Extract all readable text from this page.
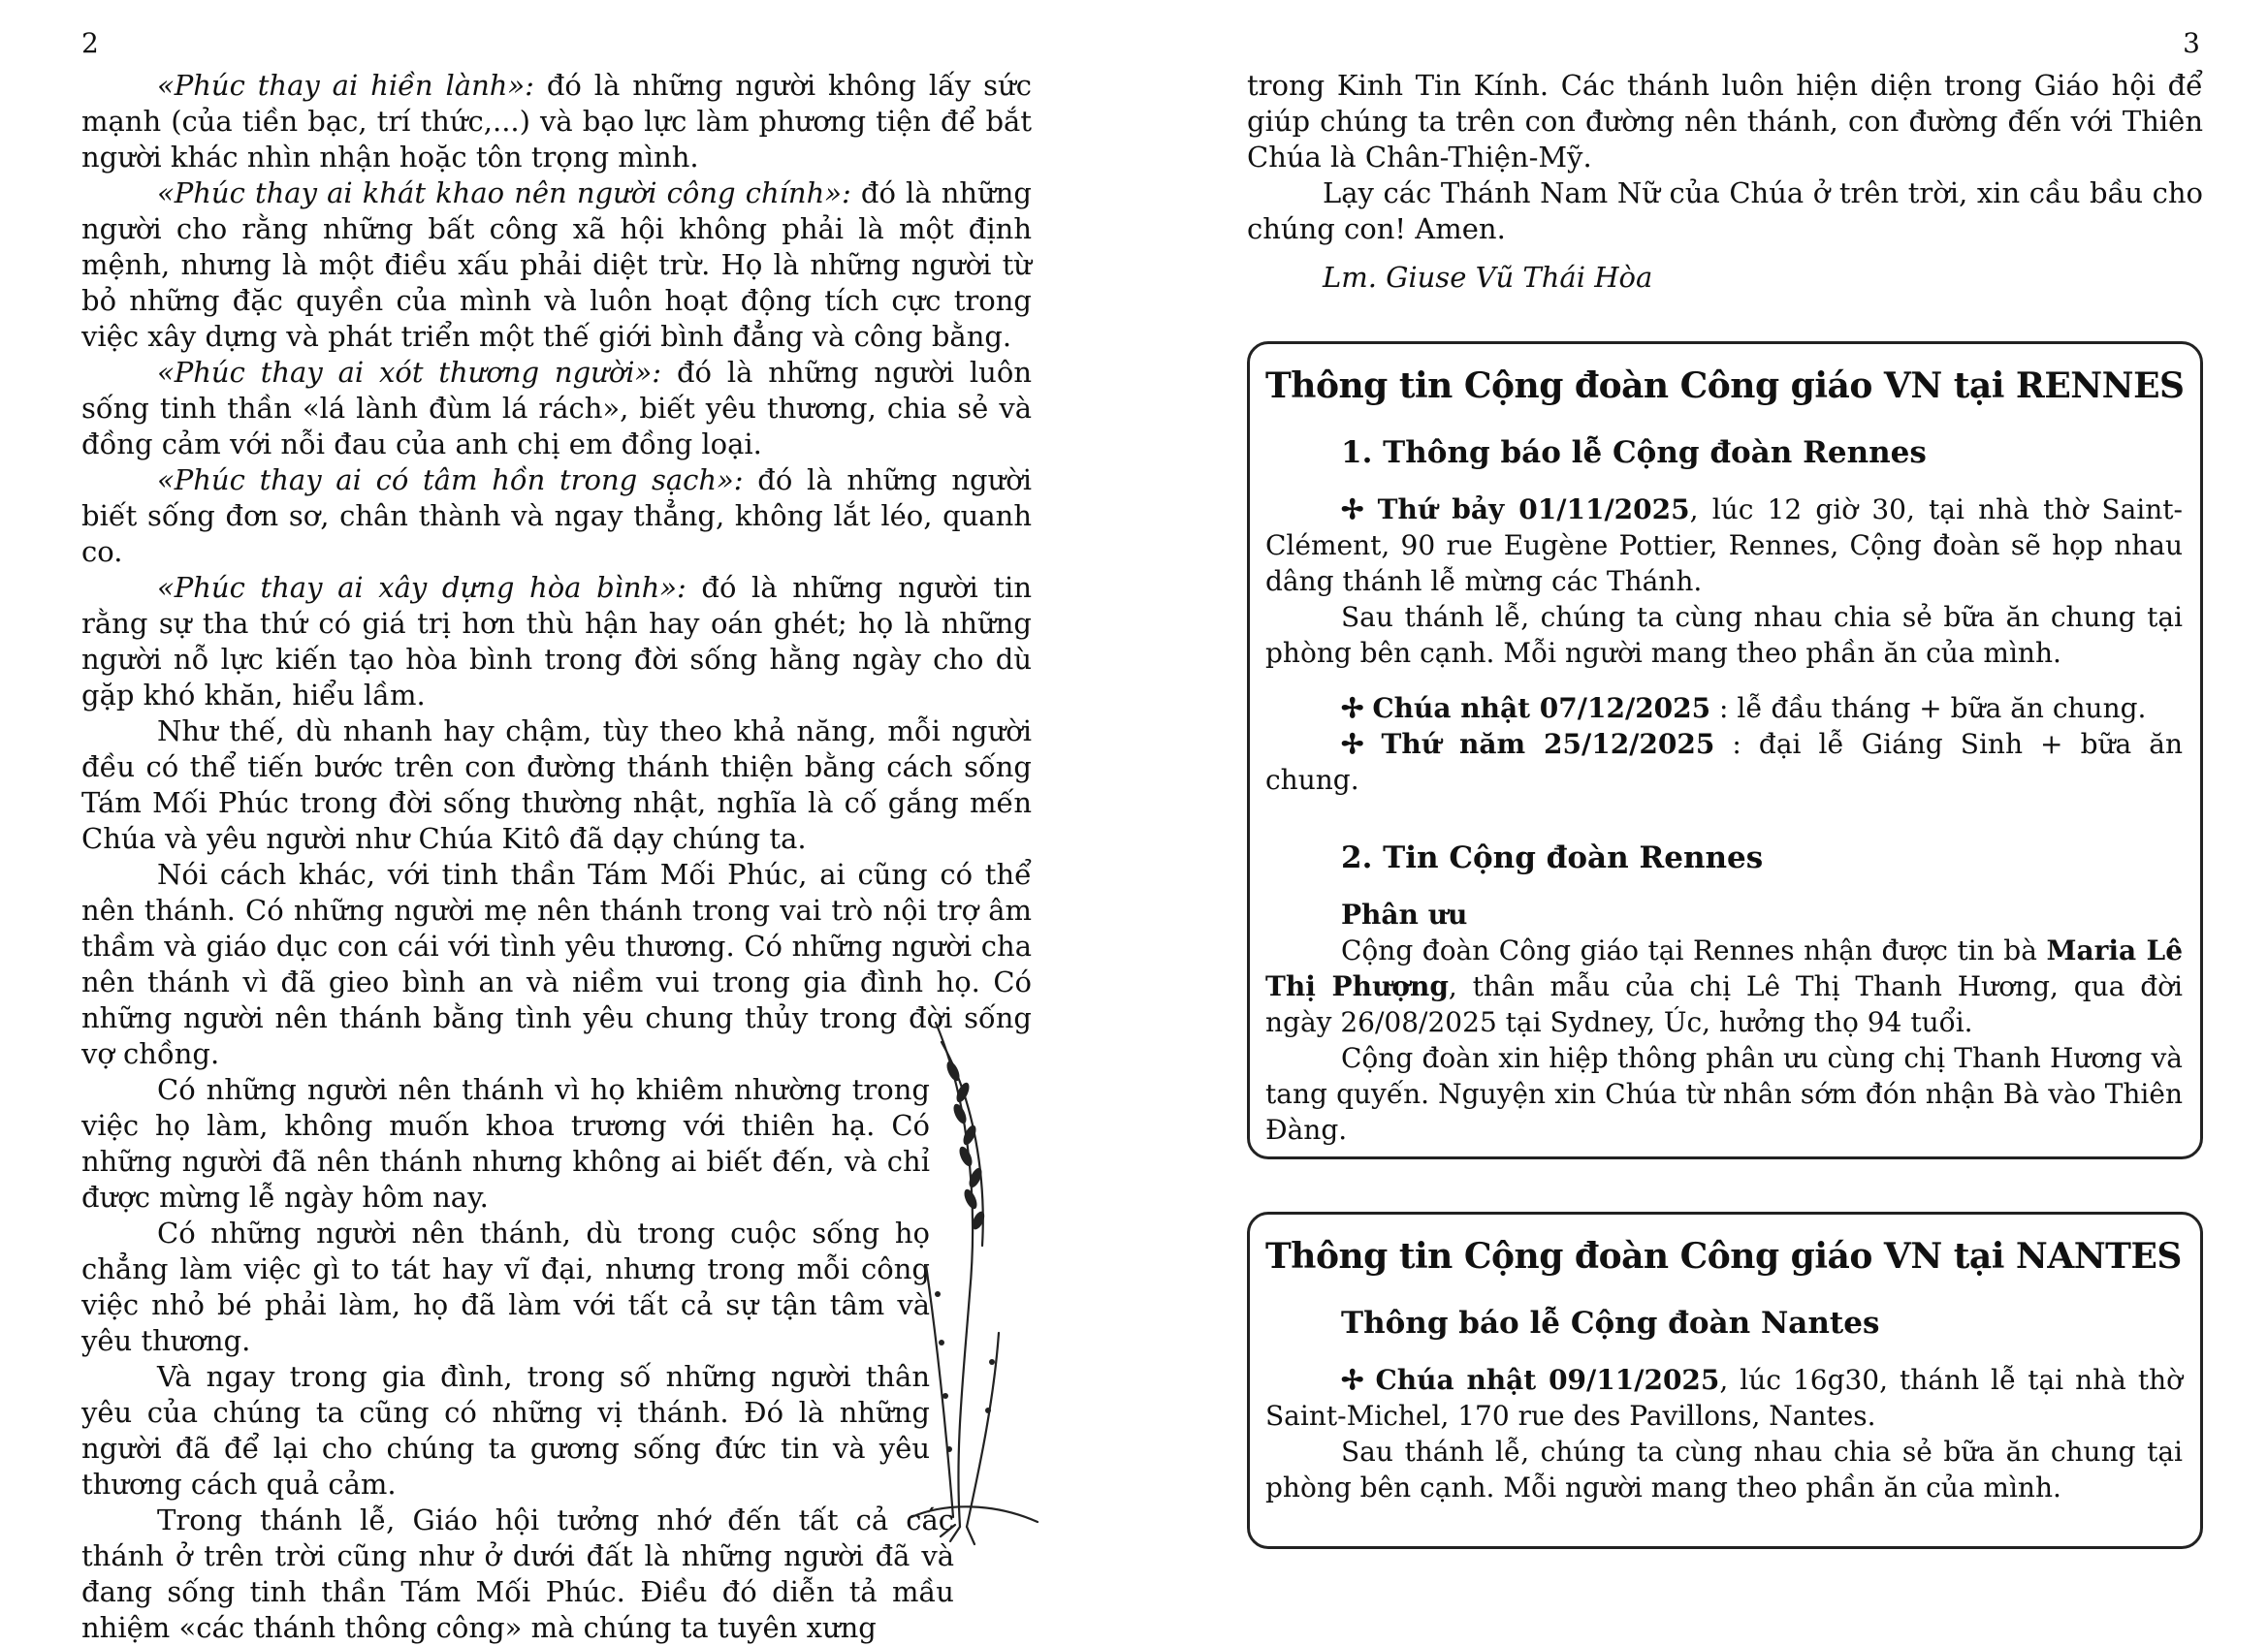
2

«Phúc thay ai hiền lành»: đó là những người không lấy sức mạnh (của tiền bạc, trí thức,...) và bạo lực làm phương tiện để bắt người khác nhìn nhận hoặc tôn trọng mình.

«Phúc thay ai khát khao nên người công chính»: đó là những người cho rằng những bất công xã hội không phải là một định mệnh, nhưng là một điều xấu phải diệt trừ. Họ là những người từ bỏ những đặc quyền của mình và luôn hoạt động tích cực trong việc xây dựng và phát triển một thế giới bình đẳng và công bằng.

«Phúc thay ai xót thương người»: đó là những người luôn sống tinh thần «lá lành đùm lá rách», biết yêu thương, chia sẻ và đồng cảm với nỗi đau của anh chị em đồng loại.

«Phúc thay ai có tâm hồn trong sạch»: đó là những người biết sống đơn sơ, chân thành và ngay thẳng, không lắt léo, quanh co.

«Phúc thay ai xây dựng hòa bình»: đó là những người tin rằng sự tha thứ có giá trị hơn thù hận hay oán ghét; họ là những người nỗ lực kiến tạo hòa bình trong đời sống hằng ngày cho dù gặp khó khăn, hiểu lầm.

Như thế, dù nhanh hay chậm, tùy theo khả năng, mỗi người đều có thể tiến bước trên con đường thánh thiện bằng cách sống Tám Mối Phúc trong đời sống thường nhật, nghĩa là cố gắng mến Chúa và yêu người như Chúa Kitô đã dạy chúng ta.

Nói cách khác, với tinh thần Tám Mối Phúc, ai cũng có thể nên thánh. Có những người mẹ nên thánh trong vai trò nội trợ âm thầm và giáo dục con cái với tình yêu thương. Có những người cha nên thánh vì đã gieo bình an và niềm vui trong gia đình họ. Có những người nên thánh bằng tình yêu chung thủy trong đời sống vợ chồng.

Có những người nên thánh vì họ khiêm nhường trong việc họ làm, không muốn khoa trương với thiên hạ. Có những người đã nên thánh nhưng không ai biết đến, và chỉ được mừng lễ ngày hôm nay.

Có những người nên thánh, dù trong cuộc sống họ chẳng làm việc gì to tát hay vĩ đại, nhưng trong mỗi công việc nhỏ bé phải làm, họ đã làm với tất cả sự tận tâm và yêu thương.

Và ngay trong gia đình, trong số những người thân yêu của chúng ta cũng có những vị thánh. Đó là những người đã để lại cho chúng ta gương sống đức tin và yêu thương cách quả cảm.

Trong thánh lễ, Giáo hội tưởng nhớ đến tất cả các thánh ở trên trời cũng như ở dưới đất là những người đã và đang sống tinh thần Tám Mối Phúc. Điều đó diễn tả mầu nhiệm «các thánh thông công» mà chúng ta tuyên xưng

3

trong Kinh Tin Kính. Các thánh luôn hiện diện trong Giáo hội để giúp chúng ta trên con đường nên thánh, con đường đến với Thiên Chúa là Chân-Thiện-Mỹ.

Lạy các Thánh Nam Nữ của Chúa ở trên trời, xin cầu bầu cho chúng con! Amen.

Lm. Giuse Vũ Thái Hòa
Thông tin Cộng đoàn Công giáo VN tại RENNES
1. Thông báo lễ Cộng đoàn Rennes

✢ Thứ bảy 01/11/2025, lúc 12 giờ 30, tại nhà thờ Saint-Clément, 90 rue Eugène Pottier, Rennes, Cộng đoàn sẽ họp nhau dâng thánh lễ mừng các Thánh.

Sau thánh lễ, chúng ta cùng nhau chia sẻ bữa ăn chung tại phòng bên cạnh. Mỗi người mang theo phần ăn của mình.

✢ Chúa nhật 07/12/2025 : lễ đầu tháng + bữa ăn chung.

✢ Thứ năm 25/12/2025 : đại lễ Giáng Sinh + bữa ăn chung.

2. Tin Cộng đoàn Rennes
Phân ưu

Cộng đoàn Công giáo tại Rennes nhận được tin bà Maria Lê Thị Phượng, thân mẫu của chị Lê Thị Thanh Hương, qua đời ngày 26/08/2025 tại Sydney, Úc, hưởng thọ 94 tuổi.

Cộng đoàn xin hiệp thông phân ưu cùng chị Thanh Hương và tang quyến. Nguyện xin Chúa từ nhân sớm đón nhận Bà vào Thiên Đàng.

Thông tin Cộng đoàn Công giáo VN tại NANTES
Thông báo lễ Cộng đoàn Nantes

✢ Chúa nhật 09/11/2025, lúc 16g30, thánh lễ tại nhà thờ Saint-Michel, 170 rue des Pavillons, Nantes.

Sau thánh lễ, chúng ta cùng nhau chia sẻ bữa ăn chung tại phòng bên cạnh. Mỗi người mang theo phần ăn của mình.
